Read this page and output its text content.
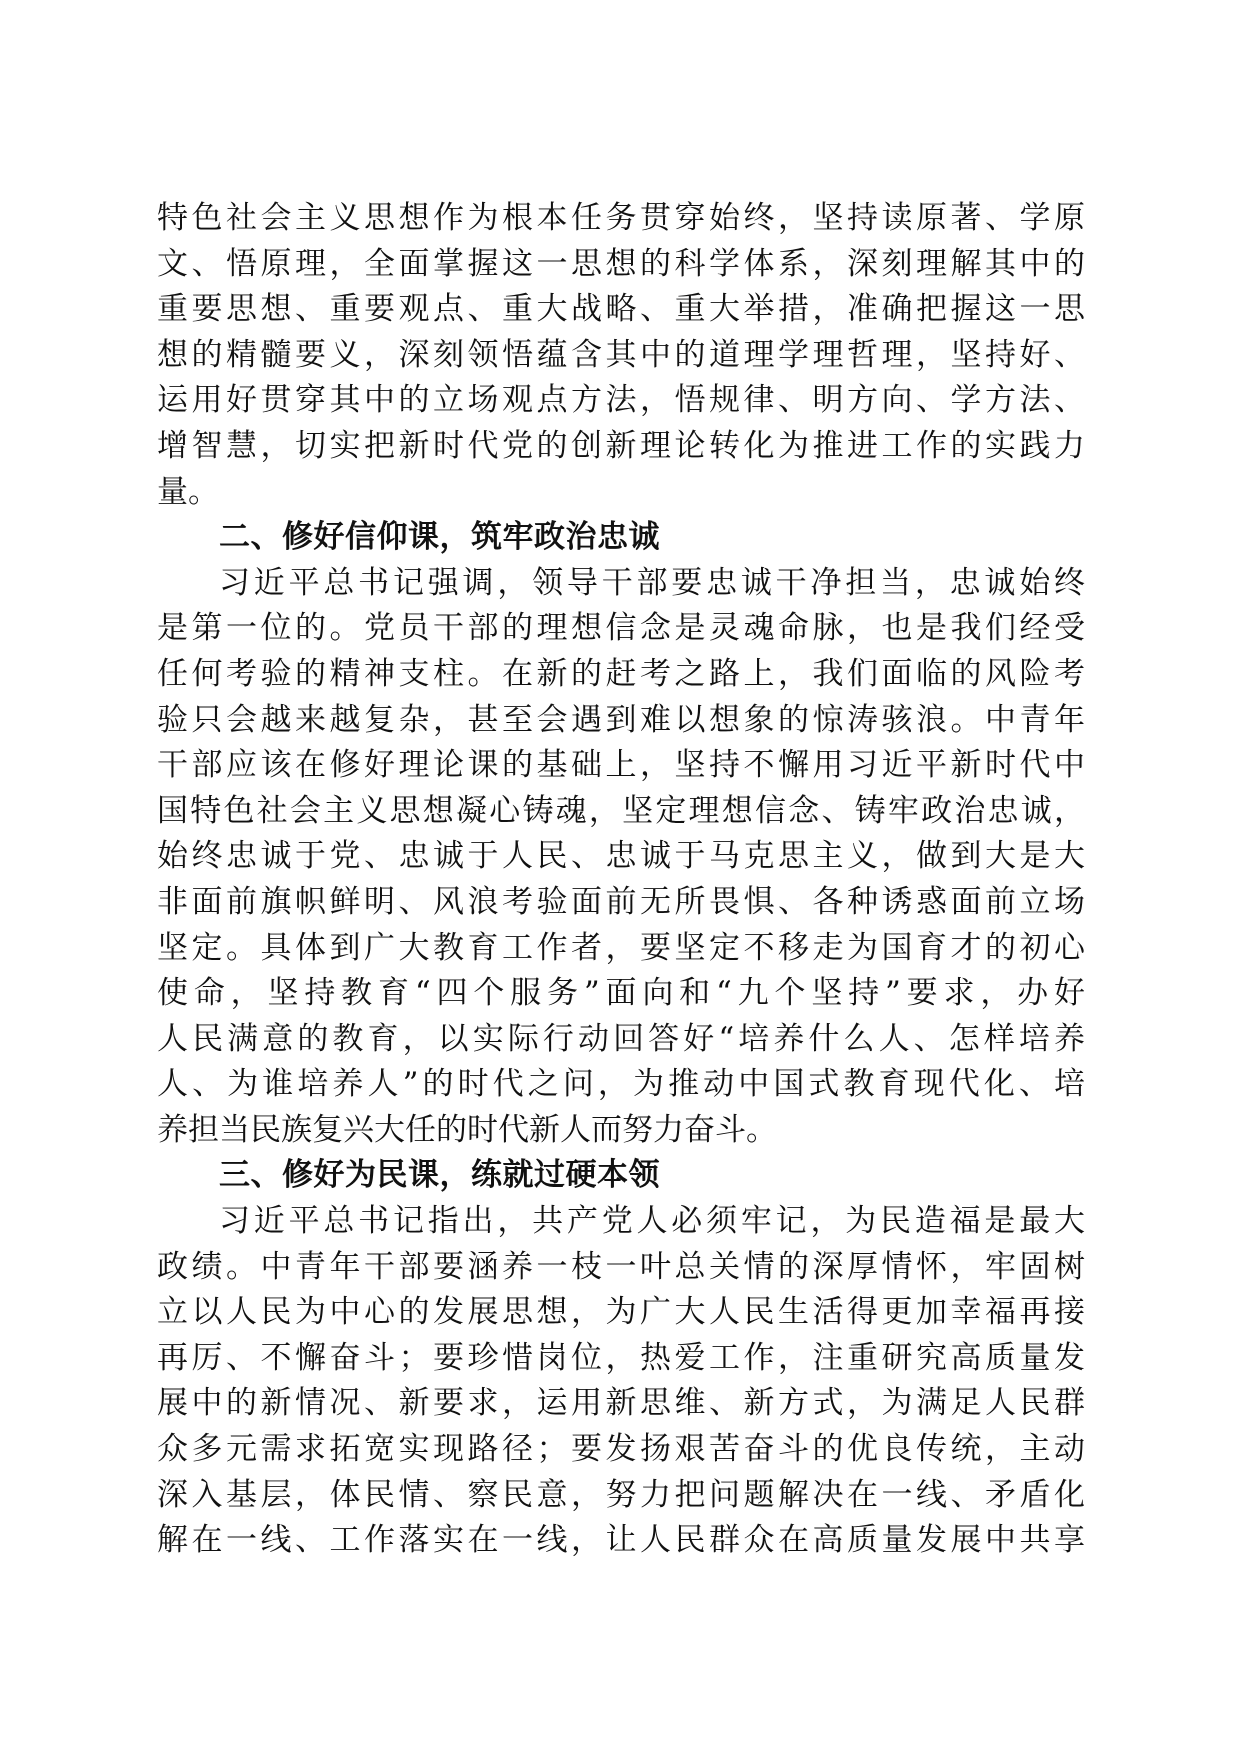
特色社会主义思想作为根本任务贯穿始终，坚持读原著、学原
文、悟原理，全面掌握这一思想的科学体系，深刻理解其中的
重要思想、重要观点、重大战略、重大举措，准确把握这一思
想的精髓要义，深刻领悟蕴含其中的道理学理哲理，坚持好、
运用好贯穿其中的立场观点方法，悟规律、明方向、学方法、
增智慧，切实把新时代党的创新理论转化为推进工作的实践力
量。
二、修好信仰课，筑牢政治忠诚
习近平总书记强调，领导干部要忠诚干净担当，忠诚始终
是第一位的。党员干部的理想信念是灵魂命脉，也是我们经受
任何考验的精神支柱。在新的赶考之路上，我们面临的风险考
验只会越来越复杂，甚至会遇到难以想象的惊涛骇浪。中青年
干部应该在修好理论课的基础上，坚持不懈用习近平新时代中
国特色社会主义思想凝心铸魂，坚定理想信念、铸牢政治忠诚，
始终忠诚于党、忠诚于人民、忠诚于马克思主义，做到大是大
非面前旗帜鲜明、风浪考验面前无所畏惧、各种诱惑面前立场
坚定。具体到广大教育工作者，要坚定不移走为国育才的初心
使命，坚持教育“四个服务”面向和“九个坚持”要求，办好
人民满意的教育，以实际行动回答好“培养什么人、怎样培养
人、为谁培养人”的时代之问，为推动中国式教育现代化、培
养担当民族复兴大任的时代新人而努力奋斗。
三、修好为民课，练就过硬本领
习近平总书记指出，共产党人必须牢记，为民造福是最大
政绩。中青年干部要涵养一枝一叶总关情的深厚情怀，牢固树
立以人民为中心的发展思想，为广大人民生活得更加幸福再接
再厉、不懈奋斗；要珍惜岗位，热爱工作，注重研究高质量发
展中的新情况、新要求，运用新思维、新方式，为满足人民群
众多元需求拓宽实现路径；要发扬艰苦奋斗的优良传统，主动
深入基层，体民情、察民意，努力把问题解决在一线、矛盾化
解在一线、工作落实在一线，让人民群众在高质量发展中共享
